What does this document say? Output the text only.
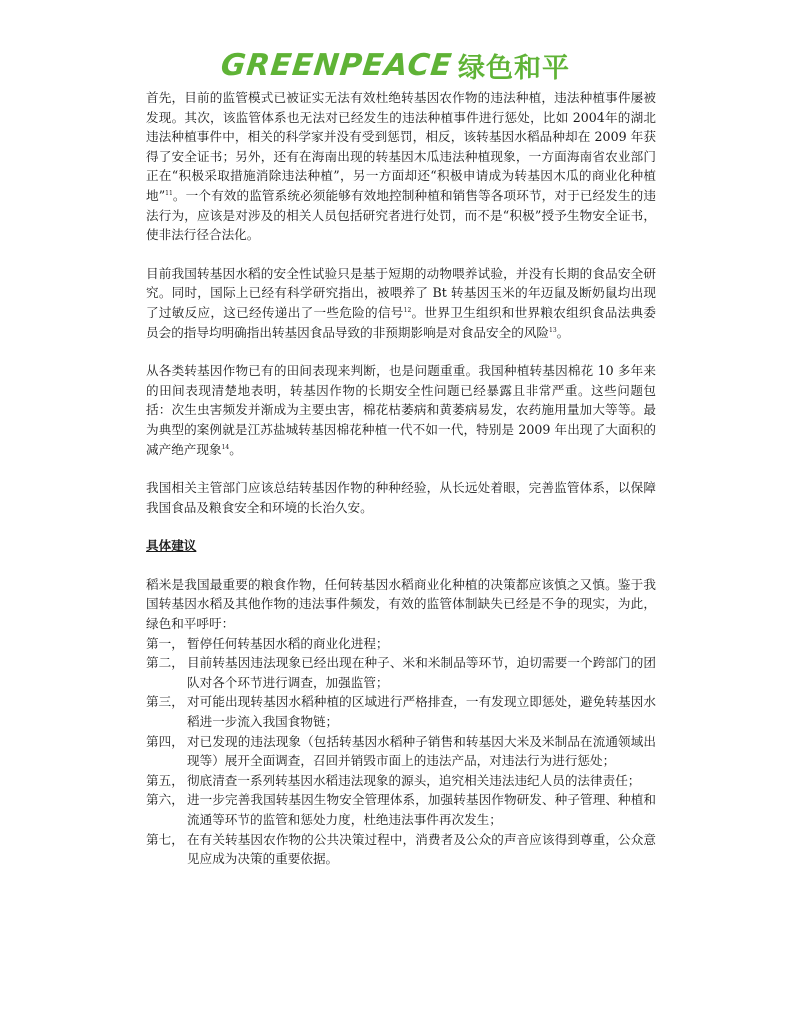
GREENPEACE 绿色和平

首先，目前的监管模式已被证实无法有效杜绝转基因农作物的违法种植，违法种植事件屡被发现。其次，该监管体系也无法对已经发生的违法种植事件进行惩处，比如 2004年的湖北违法种植事件中，相关的科学家并没有受到惩罚，相反，该转基因水稻品种却在 2009 年获得了安全证书；另外，还有在海南出现的转基因木瓜违法种植现象，一方面海南省农业部门正在“积极采取措施消除违法种植”，另一方面却还“积极申请成为转基因木瓜的商业化种植地”$^{11}$。一个有效的监管系统必须能够有效地控制种植和销售等各项环节，对于已经发生的违法行为，应该是对涉及的相关人员包括研究者进行处罚，而不是“积极”授予生物安全证书，使非法行径合法化。

目前我国转基因水稻的安全性试验只是基于短期的动物喂养试验，并没有长期的食品安全研究。同时，国际上已经有科学研究指出，被喂养了 Bt 转基因玉米的年迈鼠及断奶鼠均出现了过敏反应，这已经传递出了一些危险的信号$^{12}$。世界卫生组织和世界粮农组织食品法典委员会的指导均明确指出转基因食品导致的非预期影响是对食品安全的风险$^{13}$。

从各类转基因作物已有的田间表现来判断，也是问题重重。我国种植转基因棉花 10 多年来的田间表现清楚地表明，转基因作物的长期安全性问题已经暴露且非常严重。这些问题包括：次生虫害频发并渐成为主要虫害，棉花枯萎病和黄萎病易发，农药施用量加大等等。最为典型的案例就是江苏盐城转基因棉花种植一代不如一代，特别是 2009 年出现了大面积的减产绝产现象$^{14}$。

我国相关主管部门应该总结转基因作物的种种经验，从长远处着眼，完善监管体系，以保障我国食品及粮食安全和环境的长治久安。

具体建议
稻米是我国最重要的粮食作物，任何转基因水稻商业化种植的决策都应该慎之又慎。鉴于我国转基因水稻及其他作物的违法事件频发，有效的监管体制缺失已经是不争的现实，为此，绿色和平呼吁：
第一， 暂停任何转基因水稻的商业化进程；
第二， 目前转基因违法现象已经出现在种子、米和米制品等环节，迫切需要一个跨部门的团队对各个环节进行调查，加强监管；
第三， 对可能出现转基因水稻种植的区域进行严格排查，一有发现立即惩处，避免转基因水稻进一步流入我国食物链；
第四， 对已发现的违法现象（包括转基因水稻种子销售和转基因大米及米制品在流通领域出现等）展开全面调查，召回并销毁市面上的违法产品，对违法行为进行惩处；
第五， 彻底清查一系列转基因水稻违法现象的源头，追究相关违法违纪人员的法律责任；
第六， 进一步完善我国转基因生物安全管理体系，加强转基因作物研发、种子管理、种植和流通等环节的监管和惩处力度，杜绝违法事件再次发生；
第七， 在有关转基因农作物的公共决策过程中，消费者及公众的声音应该得到尊重，公众意见应成为决策的重要依据。
